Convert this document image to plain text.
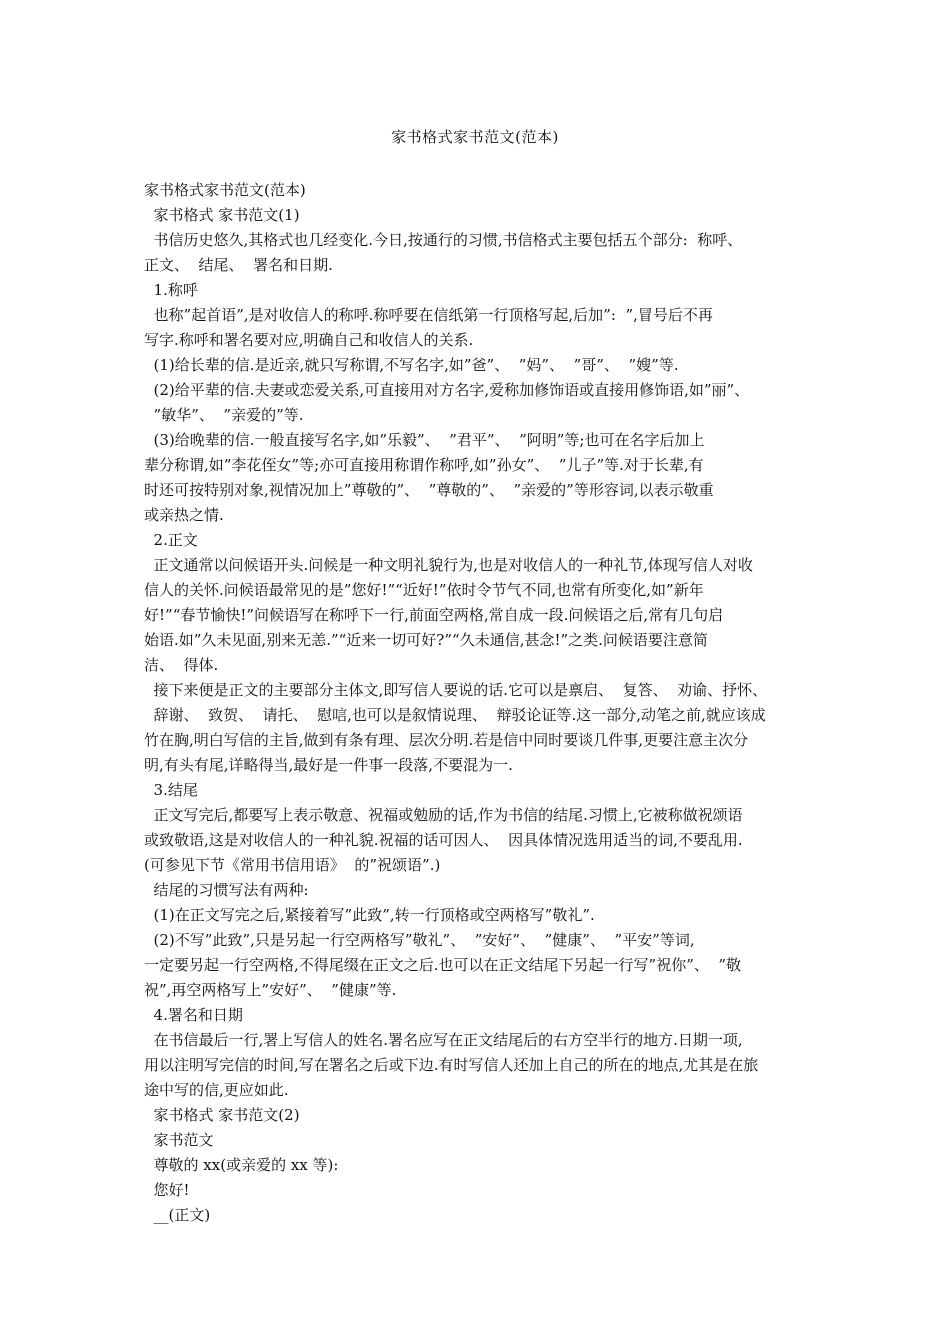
家书格式家书范文(范本)
家书格式家书范文(范本)
家书格式 家书范文(1)
书信历史悠久,其格式也几经变化.今日,按通行的习惯,书信格式主要包括五个部分:  称呼、
正文、  结尾、  署名和日期.
1.称呼
也称”起首语”,是对收信人的称呼.称呼要在信纸第一行顶格写起,后加”:  ”,冒号后不再
写字.称呼和署名要对应,明确自己和收信人的关系.
(1)给长辈的信.是近亲,就只写称谓,不写名字,如”爸”、  ”妈”、  ”哥”、  ”嫂”等.
(2)给平辈的信.夫妻或恋爱关系,可直接用对方名字,爱称加修饰语或直接用修饰语,如”丽”、
”敏华”、  ”亲爱的”等.
(3)给晚辈的信.一般直接写名字,如”乐毅”、  ”君平”、  ”阿明”等;也可在名字后加上
辈分称谓,如”李花侄女”等;亦可直接用称谓作称呼,如”孙女”、  ”儿子”等.对于长辈,有
时还可按特别对象,视情况加上”尊敬的”、  ”尊敬的”、  ”亲爱的”等形容词,以表示敬重
或亲热之情.
2.正文
正文通常以问候语开头.问候是一种文明礼貌行为,也是对收信人的一种礼节,体现写信人对收
信人的关怀.问候语最常见的是”您好!”“近好!”依时令节气不同,也常有所变化,如”新年
好!”“春节愉快!”问候语写在称呼下一行,前面空两格,常自成一段.问候语之后,常有几句启
始语.如”久未见面,别来无恙.”“近来一切可好?”“久未通信,甚念!”之类.问候语要注意简
洁、  得体.
接下来便是正文的主要部分主体文,即写信人要说的话.它可以是禀启、  复答、  劝谕、抒怀、
辞谢、  致贺、  请托、  慰唁,也可以是叙情说理、  辩驳论证等.这一部分,动笔之前,就应该成
竹在胸,明白写信的主旨,做到有条有理、层次分明.若是信中同时要谈几件事,更要注意主次分
明,有头有尾,详略得当,最好是一件事一段落,不要混为一.
3.结尾
正文写完后,都要写上表示敬意、祝福或勉励的话,作为书信的结尾.习惯上,它被称做祝颂语
或致敬语,这是对收信人的一种礼貌.祝福的话可因人、  因具体情况选用适当的词,不要乱用.
(可参见下节《常用书信用语》  的”祝颂语”.)
结尾的习惯写法有两种:
(1)在正文写完之后,紧接着写”此致”,转一行顶格或空两格写”敬礼”.
(2)不写”此致”,只是另起一行空两格写”敬礼”、  ”安好”、  ”健康”、  ”平安”等词,
一定要另起一行空两格,不得尾缀在正文之后.也可以在正文结尾下另起一行写”祝你”、  ”敬
祝”,再空两格写上”安好”、  ”健康”等.
4.署名和日期
在书信最后一行,署上写信人的姓名.署名应写在正文结尾后的右方空半行的地方.日期一项,
用以注明写完信的时间,写在署名之后或下边.有时写信人还加上自己的所在的地点,尤其是在旅
途中写的信,更应如此.
家书格式 家书范文(2)
家书范文
尊敬的 xx(或亲爱的 xx 等):
您好!
__(正文)
